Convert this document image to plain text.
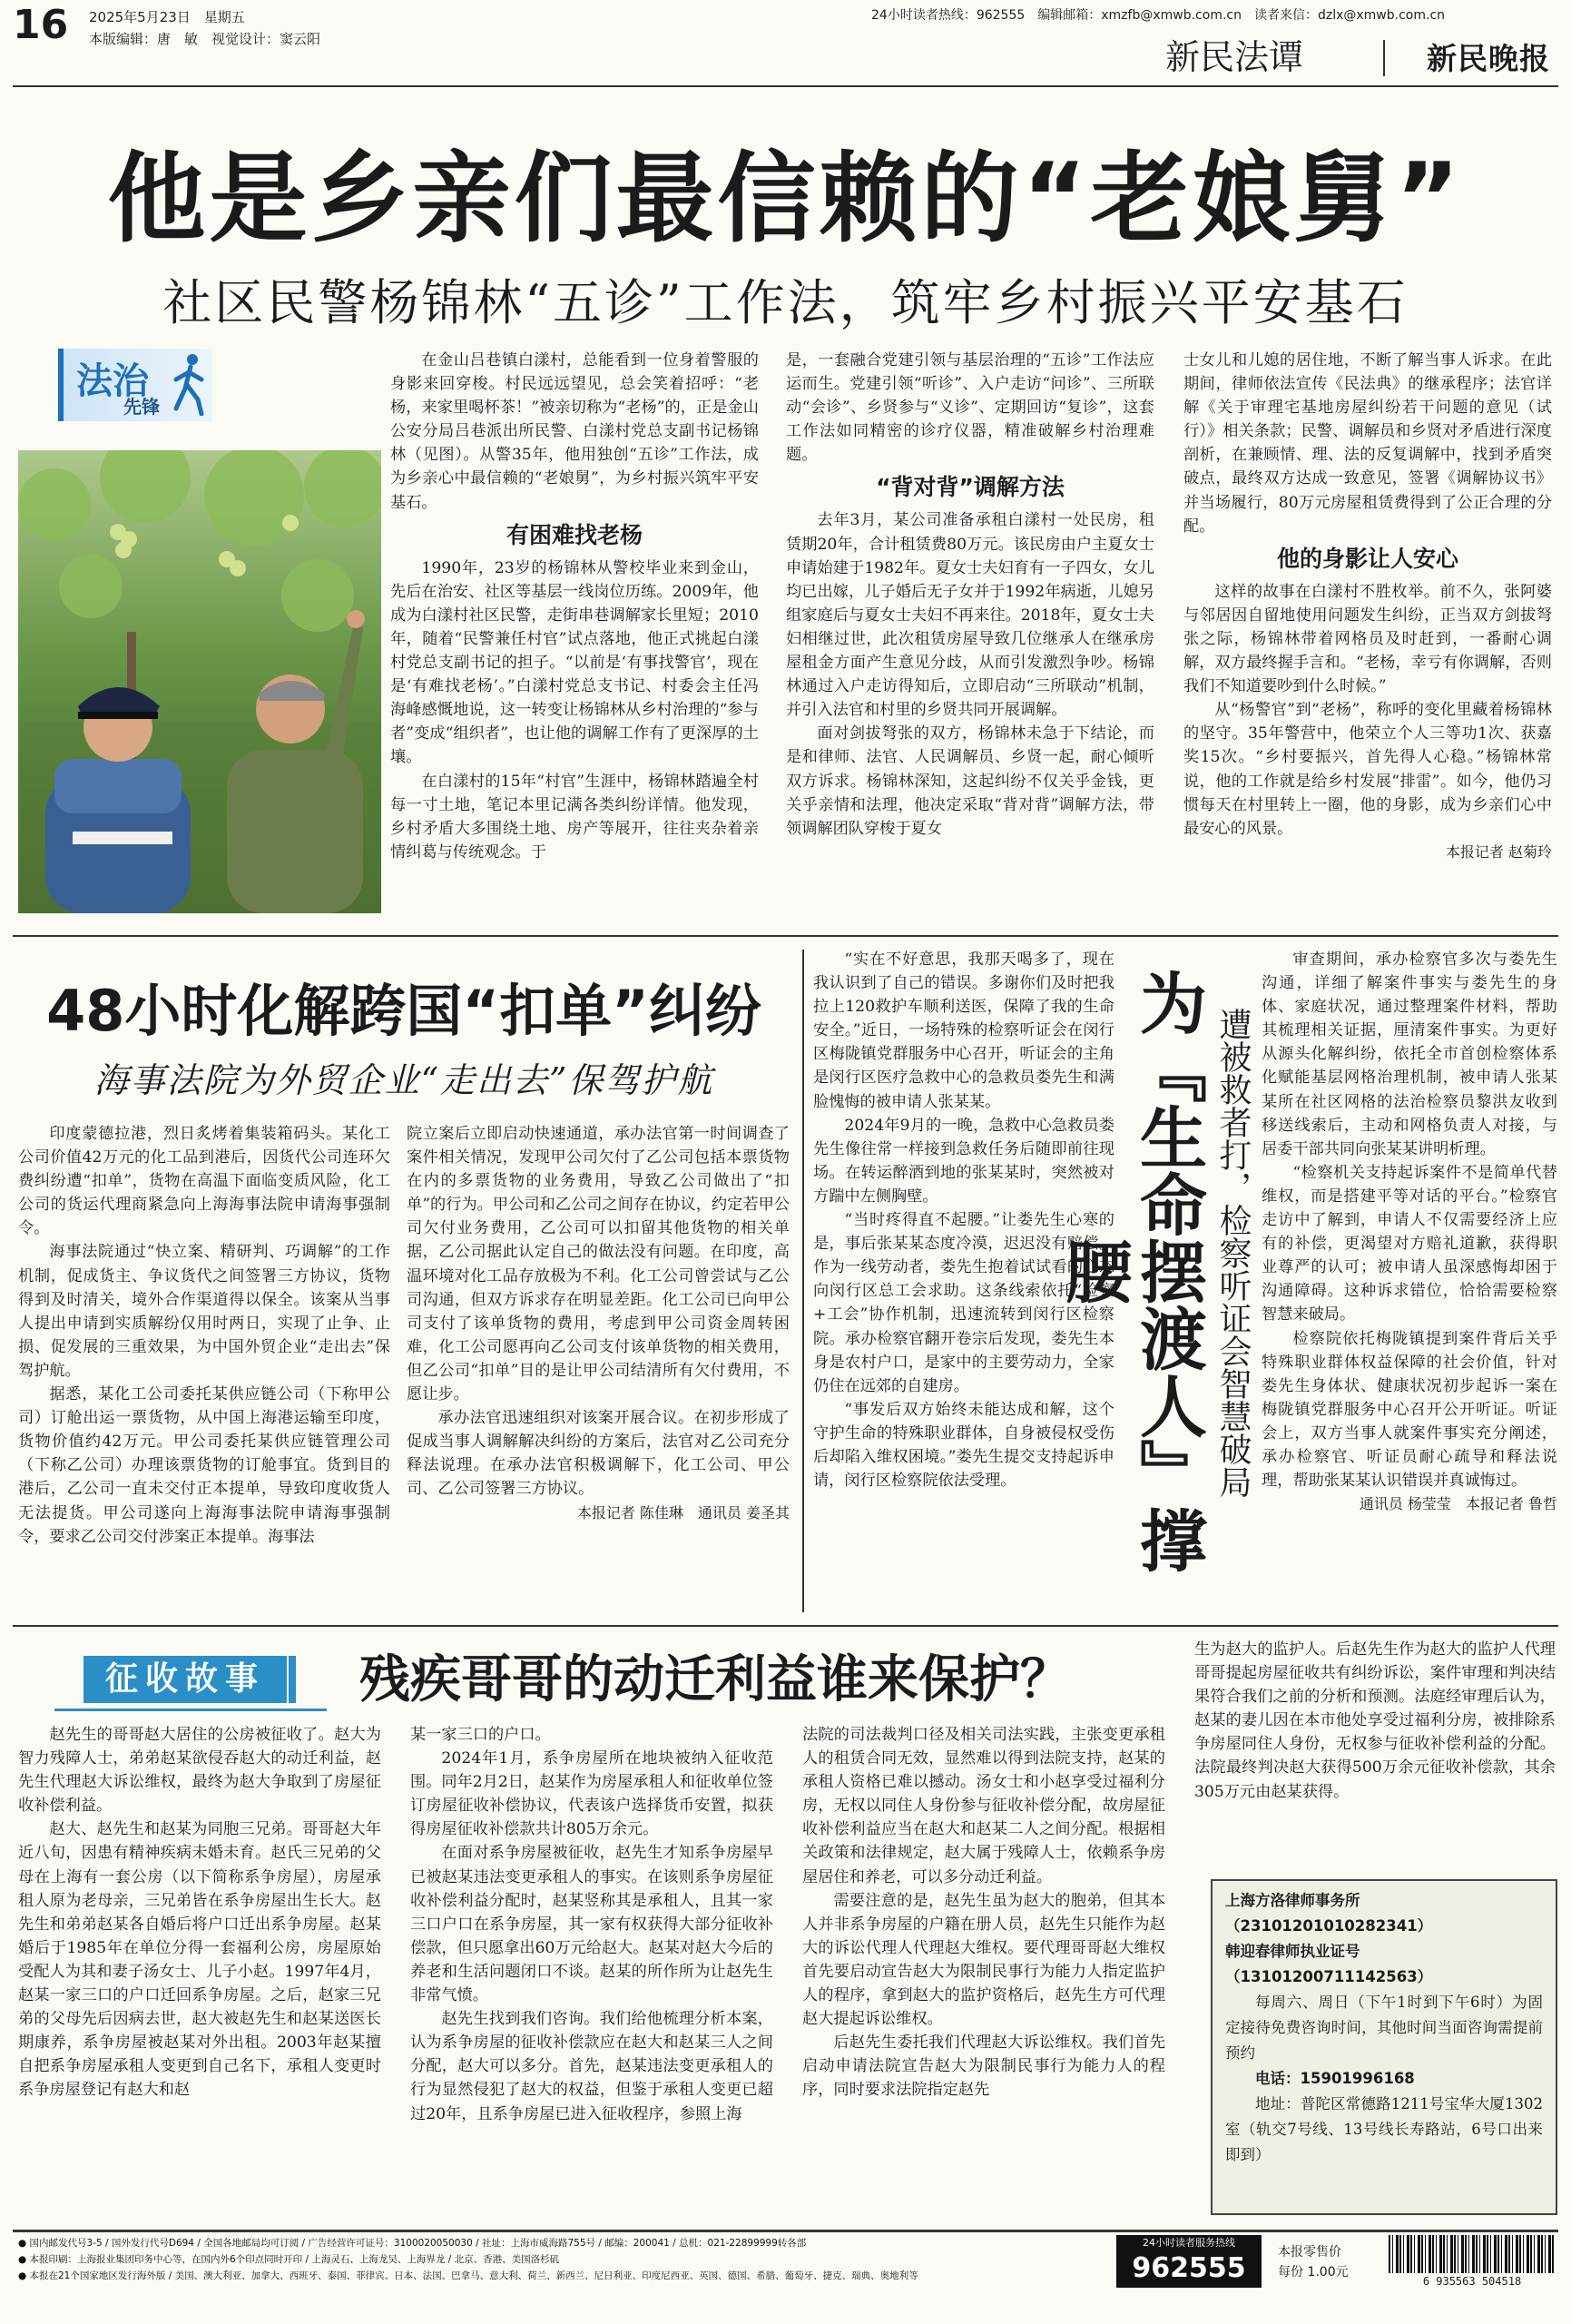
16 2025年5月23日　星期五
本版编辑：唐　敏　视觉设计：窦云阳
24小时读者热线：962555　编辑邮箱：xmzfb@xmwb.com.cn　读者来信：dzlx@xmwb.com.cn
新民法谭	新民晚报
他是乡亲们最信赖的“老娘舅”
社区民警杨锦林“五诊”工作法，筑牢乡村振兴平安基石
法治
先锋

在金山吕巷镇白漾村，总能看到一位身着警服的身影来回穿梭。村民远远望见，总会笑着招呼：“老杨，来家里喝杯茶！”被亲切称为“老杨”的，正是金山公安分局吕巷派出所民警、白漾村党总支副书记杨锦林（见图）。从警35年，他用独创“五诊”工作法，成为乡亲心中最信赖的“老娘舅”，为乡村振兴筑牢平安基石。

有困难找老杨

1990年，23岁的杨锦林从警校毕业来到金山，先后在治安、社区等基层一线岗位历练。2009年，他成为白漾村社区民警，走街串巷调解家长里短；2010年，随着“民警兼任村官”试点落地，他正式挑起白漾村党总支副书记的担子。“以前是‘有事找警官’，现在是‘有难找老杨’。”白漾村党总支书记、村委会主任冯海峰感慨地说，这一转变让杨锦林从乡村治理的“参与者”变成“组织者”，也让他的调解工作有了更深厚的土壤。

在白漾村的15年“村官”生涯中，杨锦林踏遍全村每一寸土地，笔记本里记满各类纠纷详情。他发现，乡村矛盾大多围绕土地、房产等展开，往往夹杂着亲情纠葛与传统观念。于

是，一套融合党建引领与基层治理的“五诊”工作法应运而生。党建引领“听诊”、入户走访“问诊”、三所联动“会诊”、乡贤参与“义诊”、定期回访“复诊”，这套工作法如同精密的诊疗仪器，精准破解乡村治理难题。

“背对背”调解方法

去年3月，某公司准备承租白漾村一处民房，租赁期20年，合计租赁费80万元。该民房由户主夏女士申请始建于1982年。夏女士夫妇育有一子四女，女儿均已出嫁，儿子婚后无子女并于1992年病逝，儿媳另组家庭后与夏女士夫妇不再来往。2018年，夏女士夫妇相继过世，此次租赁房屋导致几位继承人在继承房屋租金方面产生意见分歧，从而引发激烈争吵。杨锦林通过入户走访得知后，立即启动“三所联动”机制，并引入法官和村里的乡贤共同开展调解。

面对剑拔弩张的双方，杨锦林未急于下结论，而是和律师、法官、人民调解员、乡贤一起，耐心倾听双方诉求。杨锦林深知，这起纠纷不仅关乎金钱，更关乎亲情和法理，他决定采取“背对背”调解方法，带领调解团队穿梭于夏女

士女儿和儿媳的居住地，不断了解当事人诉求。在此期间，律师依法宣传《民法典》的继承程序；法官详解《关于审理宅基地房屋纠纷若干问题的意见（试行）》相关条款；民警、调解员和乡贤对矛盾进行深度剖析，在兼顾情、理、法的反复调解中，找到矛盾突破点，最终双方达成一致意见，签署《调解协议书》并当场履行，80万元房屋租赁费得到了公正合理的分配。

他的身影让人安心

这样的故事在白漾村不胜枚举。前不久，张阿婆与邻居因自留地使用问题发生纠纷，正当双方剑拔弩张之际，杨锦林带着网格员及时赶到，一番耐心调解，双方最终握手言和。“老杨，幸亏有你调解，否则我们不知道要吵到什么时候。”

从“杨警官”到“老杨”，称呼的变化里藏着杨锦林的坚守。35年警营中，他荣立个人三等功1次、获嘉奖15次。“乡村要振兴，首先得人心稳。”杨锦林常说，他的工作就是给乡村发展“排雷”。如今，他仍习惯每天在村里转上一圈，他的身影，成为乡亲们心中最安心的风景。

本报记者 赵菊玲
48小时化解跨国“扣单”纠纷
海事法院为外贸企业“走出去”保驾护航

印度蒙德拉港，烈日炙烤着集装箱码头。某化工公司价值42万元的化工品到港后，因货代公司连环欠费纠纷遭“扣单”，货物在高温下面临变质风险，化工公司的货运代理商紧急向上海海事法院申请海事强制令。

海事法院通过“快立案、精研判、巧调解”的工作机制，促成货主、争议货代之间签署三方协议，货物得到及时清关，境外合作渠道得以保全。该案从当事人提出申请到实质解纷仅用时两日，实现了止争、止损、促发展的三重效果，为中国外贸企业“走出去”保驾护航。

据悉，某化工公司委托某供应链公司（下称甲公司）订舱出运一票货物，从中国上海港运输至印度，货物价值约42万元。甲公司委托某供应链管理公司（下称乙公司）办理该票货物的订舱事宜。货到目的港后，乙公司一直未交付正本提单，导致印度收货人无法提货。甲公司遂向上海海事法院申请海事强制令，要求乙公司交付涉案正本提单。海事法

院立案后立即启动快速通道，承办法官第一时间调查了案件相关情况，发现甲公司欠付了乙公司包括本票货物在内的多票货物的业务费用，导致乙公司做出了“扣单”的行为。甲公司和乙公司之间存在协议，约定若甲公司欠付业务费用，乙公司可以扣留其他货物的相关单据，乙公司据此认定自己的做法没有问题。在印度，高温环境对化工品存放极为不利。化工公司曾尝试与乙公司沟通，但双方诉求存在明显差距。化工公司已向甲公司支付了该单货物的费用，考虑到甲公司资金周转困难，化工公司愿再向乙公司支付该单货物的相关费用，但乙公司“扣单”目的是让甲公司结清所有欠付费用，不愿让步。

承办法官迅速组织对该案开展合议。在初步形成了促成当事人调解解决纠纷的方案后，法官对乙公司充分释法说理。在承办法官积极调解下，化工公司、甲公司、乙公司签署三方协议。

本报记者 陈佳琳　通讯员 姜圣其

“实在不好意思，我那天喝多了，现在我认识到了自己的错误。多谢你们及时把我拉上120救护车顺利送医，保障了我的生命安全。”近日，一场特殊的检察听证会在闵行区梅陇镇党群服务中心召开，听证会的主角是闵行区医疗急救中心的急救员娄先生和满脸愧悔的被申请人张某某。

2024年9月的一晚，急救中心急救员娄先生像往常一样接到急救任务后随即前往现场。在转运醉酒到地的张某某时，突然被对方踹中左侧胸壁。

“当时疼得直不起腰。”让娄先生心寒的是，事后张某某态度冷漠，迟迟没有赔偿。作为一线劳动者，娄先生抱着试试看的心态向闵行区总工会求助。这条线索依托“检察+工会”协作机制，迅速流转到闵行区检察院。承办检察官翻开卷宗后发现，娄先生本身是农村户口，是家中的主要劳动力，全家仍住在远郊的自建房。

“事发后双方始终未能达成和解，这个守护生命的特殊职业群体，自身被侵权受伤后却陷入维权困境。”娄先生提交支持起诉申请，闵行区检察院依法受理。	为『生命摆渡人』撑腰	遭被救者打，检察听证会智慧破局

审查期间，承办检察官多次与娄先生沟通，详细了解案件事实与娄先生的身体、家庭状况，通过整理案件材料，帮助其梳理相关证据，厘清案件事实。为更好从源头化解纠纷，依托全市首创检察体系化赋能基层网格治理机制，被申请人张某某所在社区网格的法治检察员黎洪友收到移送线索后，主动和网格负责人对接，与居委干部共同向张某某讲明析理。

“检察机关支持起诉案件不是简单代替维权，而是搭建平等对话的平台。”检察官走访中了解到，申请人不仅需要经济上应有的补偿，更渴望对方赔礼道歉，获得职业尊严的认可；被申请人虽深感悔却困于沟通障碍。这种诉求错位，恰恰需要检察智慧来破局。

检察院依托梅陇镇提到案件背后关乎特殊职业群体权益保障的社会价值，针对娄先生身体状、健康状况初步起诉一案在梅陇镇党群服务中心召开公开听证。听证会上，双方当事人就案件事实充分阐述，承办检察官、听证员耐心疏导和释法说理，帮助张某某认识错误并真诚悔过。

通讯员 杨莹莹　本报记者 鲁哲
征收故事	残疾哥哥的动迁利益谁来保护？

赵先生的哥哥赵大居住的公房被征收了。赵大为智力残障人士，弟弟赵某欲侵吞赵大的动迁利益，赵先生代理赵大诉讼维权，最终为赵大争取到了房屋征收补偿利益。

赵大、赵先生和赵某为同胞三兄弟。哥哥赵大年近八旬，因患有精神疾病未婚未育。赵氏三兄弟的父母在上海有一套公房（以下简称系争房屋），房屋承租人原为老母亲，三兄弟皆在系争房屋出生长大。赵先生和弟弟赵某各自婚后将户口迁出系争房屋。赵某婚后于1985年在单位分得一套福利公房，房屋原始受配人为其和妻子汤女士、儿子小赵。1997年4月，赵某一家三口的户口迁回系争房屋。之后，赵家三兄弟的父母先后因病去世，赵大被赵先生和赵某送医长期康养，系争房屋被赵某对外出租。2003年赵某擅自把系争房屋承租人变更到自己名下，承租人变更时系争房屋登记有赵大和赵

某一家三口的户口。

2024年1月，系争房屋所在地块被纳入征收范围。同年2月2日，赵某作为房屋承租人和征收单位签订房屋征收补偿协议，代表该户选择货币安置，拟获得房屋征收补偿款共计805万余元。

在面对系争房屋被征收，赵先生才知系争房屋早已被赵某违法变更承租人的事实。在该则系争房屋征收补偿利益分配时，赵某竖称其是承租人，且其一家三口户口在系争房屋，其一家有权获得大部分征收补偿款，但只愿拿出60万元给赵大。赵某对赵大今后的养老和生活问题闭口不谈。赵某的所作所为让赵先生非常气愤。

赵先生找到我们咨询。我们给他梳理分析本案，认为系争房屋的征收补偿款应在赵大和赵某三人之间分配，赵大可以多分。首先，赵某违法变更承租人的行为显然侵犯了赵大的权益，但鉴于承租人变更已超过20年，且系争房屋已进入征收程序，参照上海

法院的司法裁判口径及相关司法实践，主张变更承租人的租赁合同无效，显然难以得到法院支持，赵某的承租人资格已难以撼动。汤女士和小赵享受过福利分房，无权以同住人身份参与征收补偿分配，故房屋征收补偿利益应当在赵大和赵某二人之间分配。根据相关政策和法律规定，赵大属于残障人士，依赖系争房屋居住和养老，可以多分动迁利益。

需要注意的是，赵先生虽为赵大的胞弟，但其本人并非系争房屋的户籍在册人员，赵先生只能作为赵大的诉讼代理人代理赵大维权。要代理哥哥赵大维权首先要启动宣告赵大为限制民事行为能力人指定监护人的程序，拿到赵大的监护资格后，赵先生方可代理赵大提起诉讼维权。

后赵先生委托我们代理赵大诉讼维权。我们首先启动申请法院宣告赵大为限制民事行为能力人的程序，同时要求法院指定赵先

生为赵大的监护人。后赵先生作为赵大的监护人代理哥哥提起房屋征收共有纠纷诉讼，案件审理和判决结果符合我们之前的分析和预测。法庭经审理后认为，赵某的妻儿因在本市他处享受过福利分房，被排除系争房屋同住人身份，无权参与征收补偿利益的分配。法院最终判决赵大获得500万余元征收补偿款，其余305万元由赵某获得。

上海方洛律师事务所

（23101201010282341）

韩迎春律师执业证号

（13101200711142563）

每周六、周日（下午1时到下午6时）为固定接待免费咨询时间，其他时间当面咨询需提前预约

电话：15901996168

地址：普陀区常德路1211号宝华大厦1302室（轨交7号线、13号线长寿路站，6号口出来即到）

● 国内邮发代号3-5 / 国外发行代号D694 / 全国各地邮局均可订阅 / 广告经营许可证号：3100020050030 / 社址：上海市威海路755号 / 邮编：200041 / 总机：021-22899999转各部
● 本报印刷：上海报业集团印务中心等，在国内外6个印点同时开印 / 上海灵石、上海龙吴、上海界龙 / 北京、香港、美国洛杉矶
● 本报在21个国家地区发行海外版 / 美国、澳大利亚、加拿大、西班牙、泰国、菲律宾、日本、法国、巴拿马、意大利、荷兰、新西兰、尼日利亚、印度尼西亚、英国、德国、希腊、葡萄牙、捷克、瑞典、奥地利等
24小时读者服务热线
962555	本报零售价
每份 1.00元
6 935563 504518
